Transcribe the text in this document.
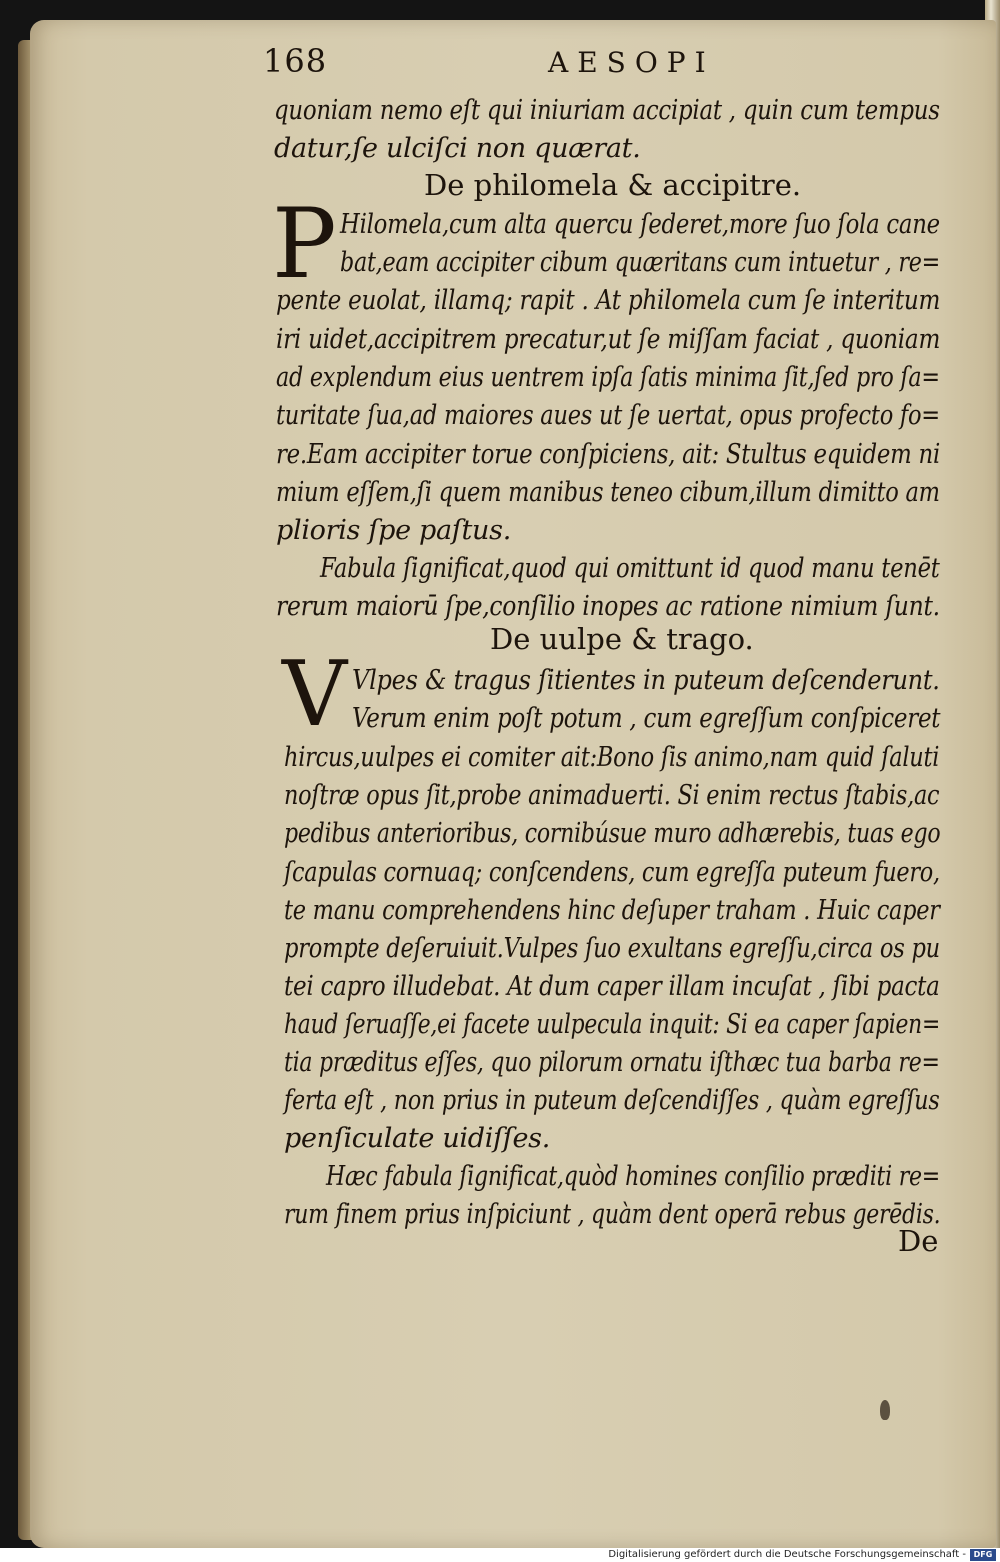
168	AESOPI
quoniam nemo eſt qui iniuriam accipiat , quin cum tempus
datur,ſe ulciſci non quærat.
De philomela & accipitre.
P Hilomela,cum alta quercu ſederet,more ſuo ſola cane
bat,eam accipiter cibum quæritans cum intuetur , re=
pente euolat, illamq; rapit . At philomela cum ſe interitum
iri uidet,accipitrem precatur,ut ſe miſſam faciat , quoniam
ad explendum eius uentrem ipſa ſatis minima ſit,ſed pro ſa=
turitate ſua,ad maiores aues ut ſe uertat, opus profecto fo=
re.Eam accipiter torue conſpiciens, ait: Stultus equidem ni
mium eſſem,ſi quem manibus teneo cibum,illum dimitto am
plioris ſpe paſtus.
Fabula ſignificat,quod qui omittunt id quod manu tenēt
rerum maiorū ſpe,conſilio inopes ac ratione nimium ſunt.
De uulpe & trago.
V Vlpes & tragus ſitientes in puteum deſcenderunt.
Verum enim poſt potum , cum egreſſum conſpiceret
hircus,uulpes ei comiter ait:Bono ſis animo,nam quid ſaluti
noſtræ opus ſit,probe animaduerti. Si enim rectus ſtabis,ac
pedibus anterioribus, cornibúsue muro adhærebis, tuas ego
ſcapulas cornuaq; conſcendens, cum egreſſa puteum fuero,
te manu comprehendens hinc deſuper traham . Huic caper
prompte deſeruiuit.Vulpes ſuo exultans egreſſu,circa os pu
tei capro illudebat. At dum caper illam incuſat , ſibi pacta
haud ſeruaſſe,ei facete uulpecula inquit: Si ea caper ſapien=
tia præditus eſſes, quo pilorum ornatu iſthæc tua barba re=
ferta eſt , non prius in puteum deſcendiſſes , quàm egreſſus
penſiculate uidiſſes.
Hæc fabula ſignificat,quòd homines conſilio præditi re=
rum finem prius inſpiciunt , quàm dent operā rebus gerēdis.
De
Digitalisierung gefördert durch die Deutsche Forschungsgemeinschaft - DFG
